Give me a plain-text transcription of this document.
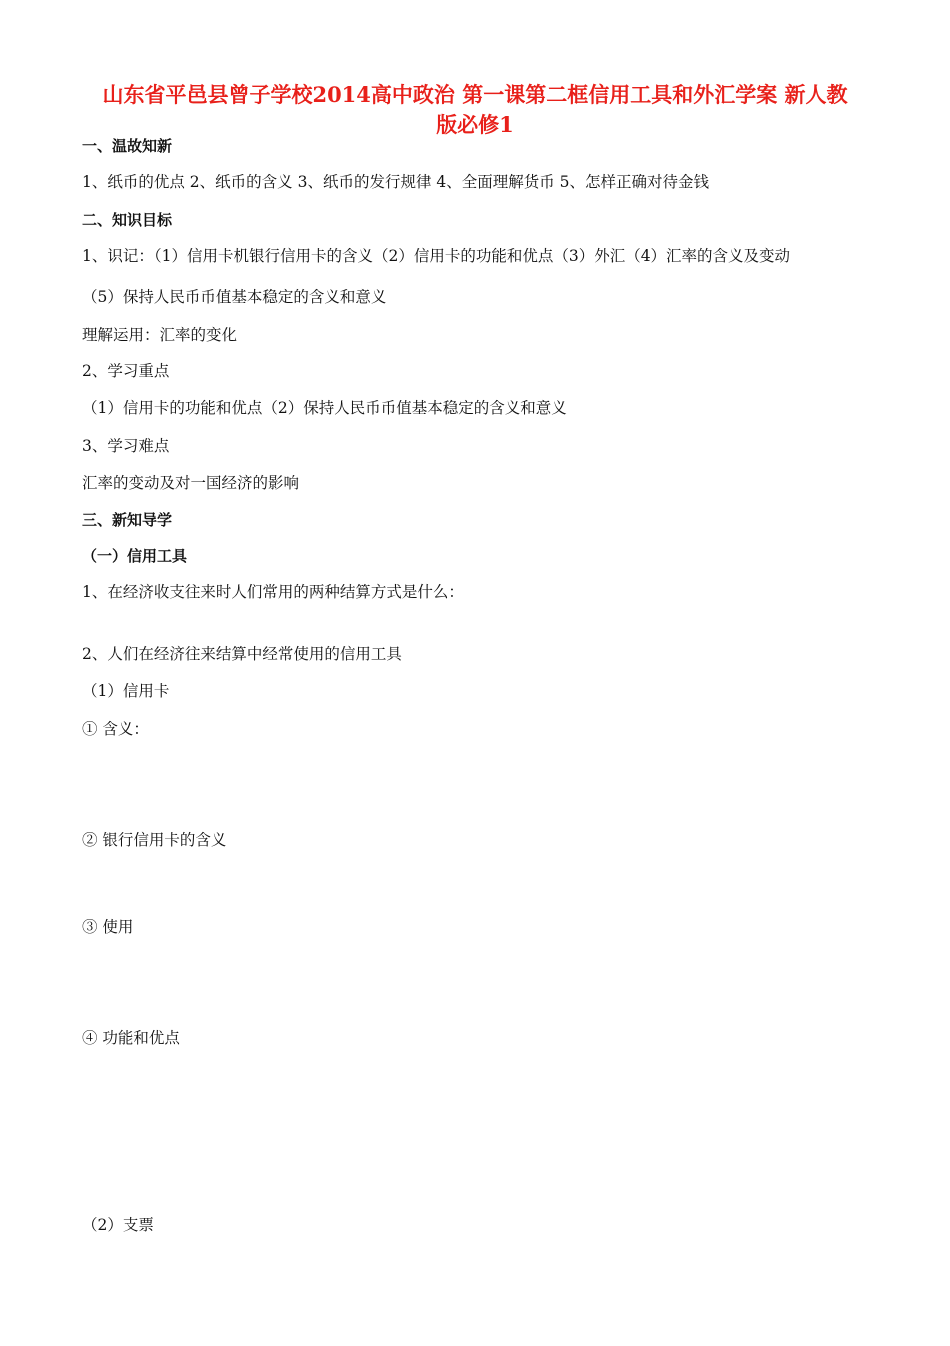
山东省平邑县曾子学校2014高中政治 第一课第二框信用工具和外汇学案 新人教
版必修1
一、温故知新
1、纸币的优点 2、纸币的含义 3、纸币的发行规律 4、全面理解货币 5、怎样正确对待金钱
二、知识目标
1、识记：（1）信用卡机银行信用卡的含义（2）信用卡的功能和优点（3）外汇（4）汇率的含义及变动
（5）保持人民币币值基本稳定的含义和意义
理解运用：汇率的变化
2、学习重点
（1）信用卡的功能和优点（2）保持人民币币值基本稳定的含义和意义
3、学习难点
汇率的变动及对一国经济的影响
三、新知导学
（一）信用工具
1、在经济收支往来时人们常用的两种结算方式是什么：
2、人们在经济往来结算中经常使用的信用工具
（1）信用卡
① 含义：
② 银行信用卡的含义
③ 使用
④ 功能和优点
（2）支票
